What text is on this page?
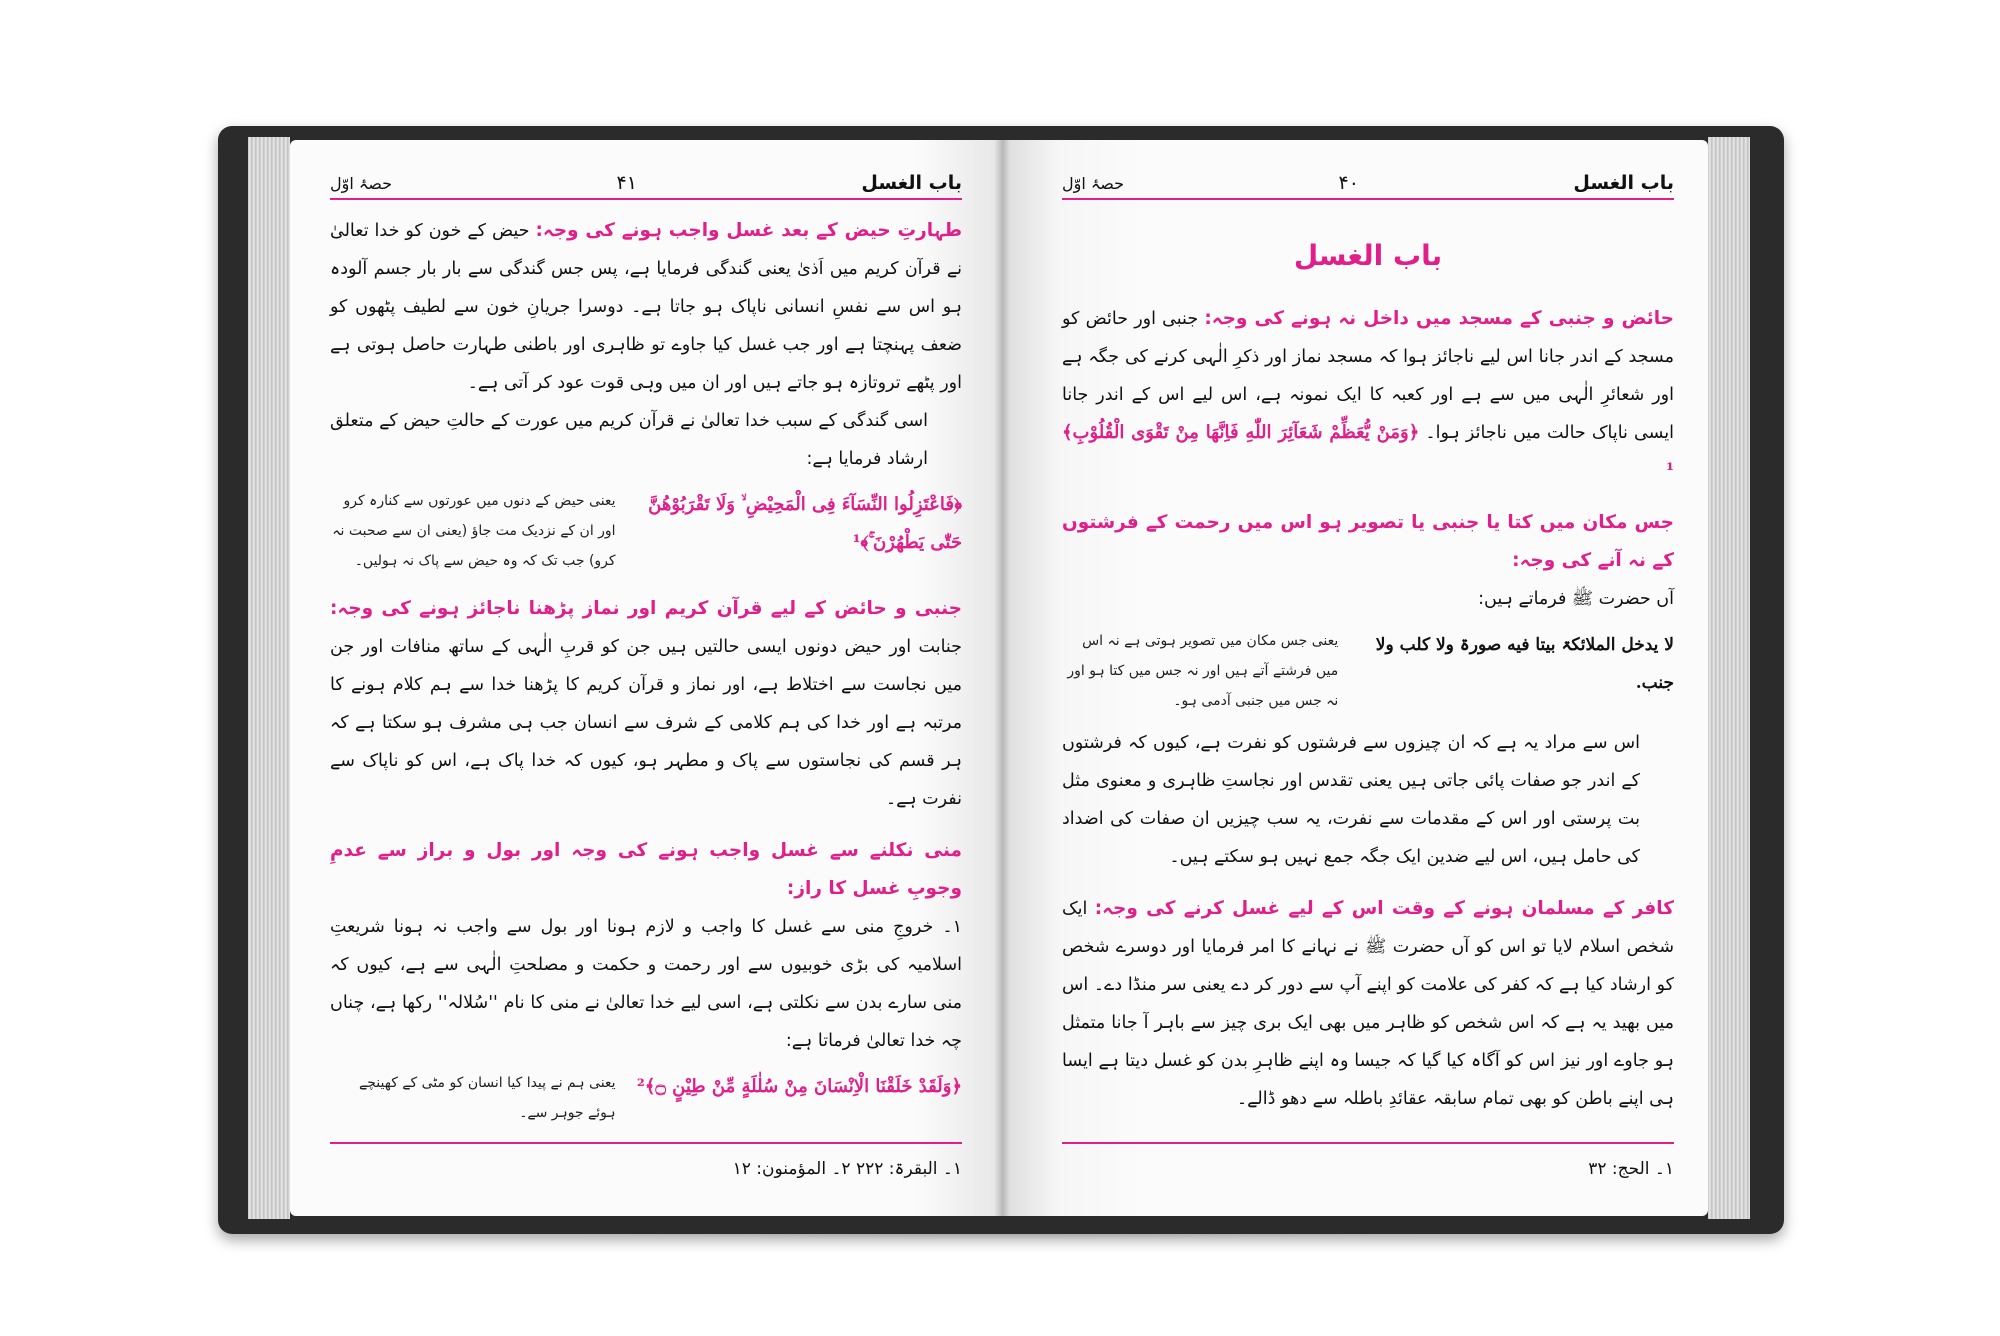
باب الغسل
۴۱
حصۂ اوّل

طہارتِ حیض کے بعد غسل واجب ہونے کی وجہ: حیض کے خون کو خدا تعالیٰ نے قرآن کریم میں اَذیٰ یعنی گندگی فرمایا ہے، پس جس گندگی سے بار بار جسم آلودہ ہو اس سے نفسِ انسانی ناپاک ہو جاتا ہے۔ دوسرا جریانِ خون سے لطیف پٹھوں کو ضعف پہنچتا ہے اور جب غسل کیا جاوے تو ظاہری اور باطنی طہارت حاصل ہوتی ہے اور پٹھے تروتازہ ہو جاتے ہیں اور ان میں وہی قوت عود کر آتی ہے۔

اسی گندگی کے سبب خدا تعالیٰ نے قرآن کریم میں عورت کے حالتِ حیض کے متعلق ارشاد فرمایا ہے:

﴿فَاعْتَزِلُوا النِّسَآءَ فِی الْمَحِیْضِ ۙ وَلَا تَقْرَبُوْهُنَّ حَتّٰى یَطْهُرْنَ ۚ﴾¹
یعنی حیض کے دنوں میں عورتوں سے کنارہ کرو اور ان کے نزدیک مت جاؤ (یعنی ان سے صحبت نہ کرو) جب تک کہ وہ حیض سے پاک نہ ہولیں۔

جنبی و حائض کے لیے قرآن کریم اور نماز پڑھنا ناجائز ہونے کی وجہ: جنابت اور حیض دونوں ایسی حالتیں ہیں جن کو قربِ الٰہی کے ساتھ منافات اور جن میں نجاست سے اختلاط ہے، اور نماز و قرآن کریم کا پڑھنا خدا سے ہم کلام ہونے کا مرتبہ ہے اور خدا کی ہم کلامی کے شرف سے انسان جب ہی مشرف ہو سکتا ہے کہ ہر قسم کی نجاستوں سے پاک و مطہر ہو، کیوں کہ خدا پاک ہے، اس کو ناپاک سے نفرت ہے۔

منی نکلنے سے غسل واجب ہونے کی وجہ اور بول و براز سے عدمِ وجوبِ غسل کا راز:

۱۔ خروجِ منی سے غسل کا واجب و لازم ہونا اور بول سے واجب نہ ہونا شریعتِ اسلامیہ کی بڑی خوبیوں سے اور رحمت و حکمت و مصلحتِ الٰہی سے ہے، کیوں کہ منی سارے بدن سے نکلتی ہے، اسی لیے خدا تعالیٰ نے منی کا نام ''سُلالہ'' رکھا ہے، چناں چہ خدا تعالیٰ فرماتا ہے:

﴿وَلَقَدْ خَلَقْنَا الْاِنْسَانَ مِنْ سُلٰلَةٍ مِّنْ طِیْنٍ ۝﴾²
یعنی ہم نے پیدا کیا انسان کو مٹی کے کھینچے ہوئے جوہر سے۔
۱۔ البقرۃ: ۲۲۲ ۲۔ المؤمنون: ۱۲
باب الغسل
۴۰
حصۂ اوّل
باب الغسل

حائض و جنبی کے مسجد میں داخل نہ ہونے کی وجہ: جنبی اور حائض کو مسجد کے اندر جانا اس لیے ناجائز ہوا کہ مسجد نماز اور ذکرِ الٰہی کرنے کی جگہ ہے اور شعائرِ الٰہی میں سے ہے اور کعبہ کا ایک نمونہ ہے، اس لیے اس کے اندر جانا ایسی ناپاک حالت میں ناجائز ہوا۔ ﴿وَمَنْ یُّعَظِّمْ شَعَآئِرَ اللّٰهِ فَاِنَّهَا مِنْ تَقْوَى الْقُلُوْبِ﴾¹

جس مکان میں کتا یا جنبی یا تصویر ہو اس میں رحمت کے فرشتوں کے نہ آنے کی وجہ:

آں حضرت ﷺ فرماتے ہیں:

لا یدخل الملائکۃ بیتا فیه صورۃ ولا کلب ولا جنب.
یعنی جس مکان میں تصویر ہوتی ہے نہ اس میں فرشتے آتے ہیں اور نہ جس میں کتا ہو اور نہ جس میں جنبی آدمی ہو۔

اس سے مراد یہ ہے کہ ان چیزوں سے فرشتوں کو نفرت ہے، کیوں کہ فرشتوں کے اندر جو صفات پائی جاتی ہیں یعنی تقدس اور نجاستِ ظاہری و معنوی مثل بت پرستی اور اس کے مقدمات سے نفرت، یہ سب چیزیں ان صفات کی اضداد کی حامل ہیں، اس لیے ضدین ایک جگہ جمع نہیں ہو سکتے ہیں۔

کافر کے مسلمان ہونے کے وقت اس کے لیے غسل کرنے کی وجہ: ایک شخص اسلام لایا تو اس کو آں حضرت ﷺ نے نہانے کا امر فرمایا اور دوسرے شخص کو ارشاد کیا ہے کہ کفر کی علامت کو اپنے آپ سے دور کر دے یعنی سر منڈا دے۔ اس میں بھید یہ ہے کہ اس شخص کو ظاہر میں بھی ایک بری چیز سے باہر آ جانا متمثل ہو جاوے اور نیز اس کو آگاہ کیا گیا کہ جیسا وہ اپنے ظاہرِ بدن کو غسل دیتا ہے ایسا ہی اپنے باطن کو بھی تمام سابقہ عقائدِ باطلہ سے دھو ڈالے۔

۱۔ الحج: ۳۲
